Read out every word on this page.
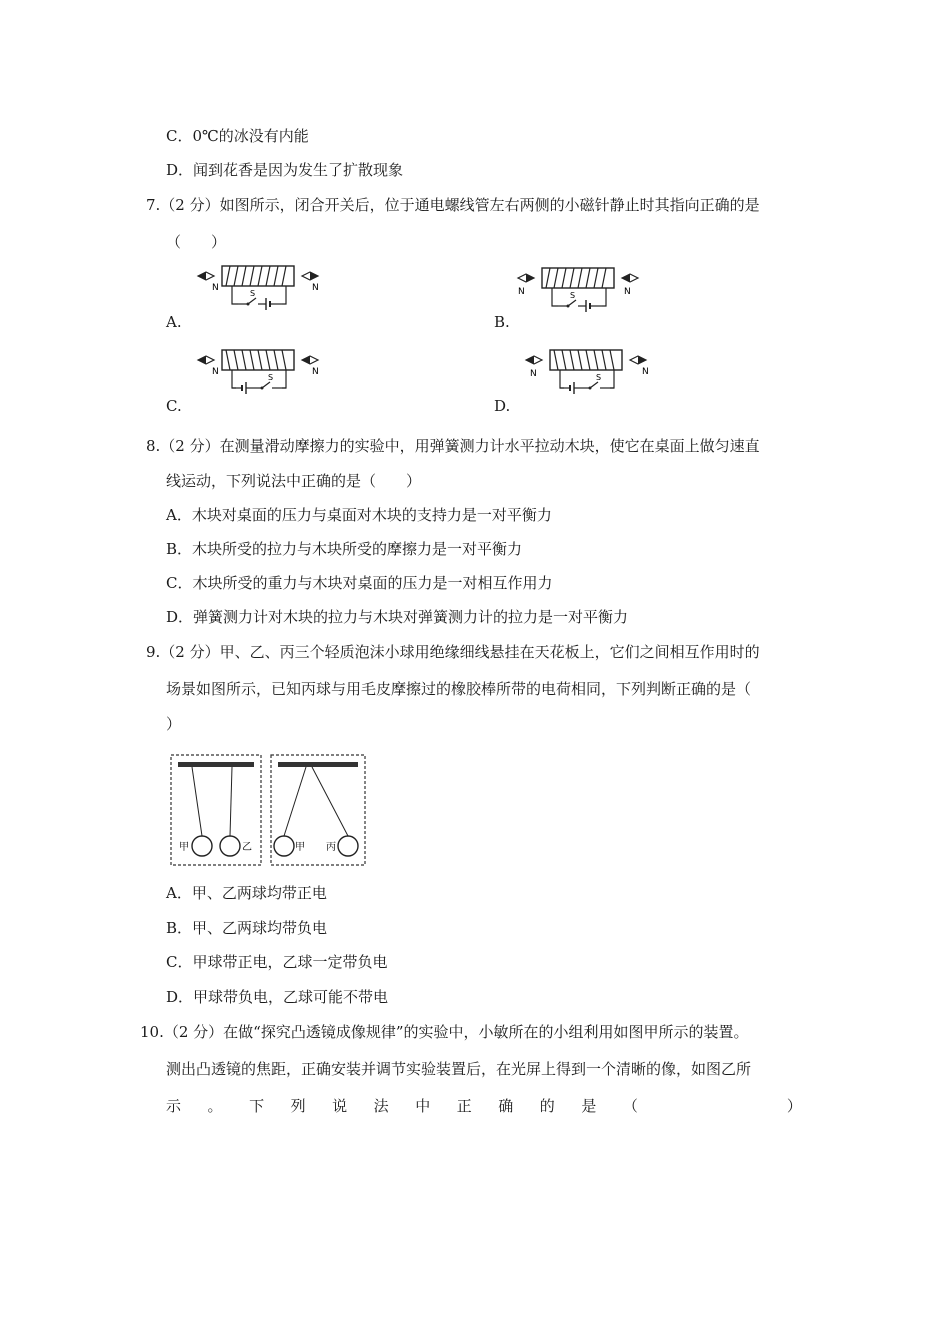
C．0℃的冰没有内能
D．闻到花香是因为发生了扩散现象
7.（2 分）如图所示，闭合开关后，位于通电螺线管左右两侧的小磁针静止时其指向正确的是
（　　）
A.
N	N
S
B.
N	N
S
C.
N	N
S
D.
N	N
S
8.（2 分）在测量滑动摩擦力的实验中，用弹簧测力计水平拉动木块，使它在桌面上做匀速直
线运动，下列说法中正确的是（　　）
A．木块对桌面的压力与桌面对木块的支持力是一对平衡力
B．木块所受的拉力与木块所受的摩擦力是一对平衡力
C．木块所受的重力与木块对桌面的压力是一对相互作用力
D．弹簧测力计对木块的拉力与木块对弹簧测力计的拉力是一对平衡力
9.（2 分）甲、乙、丙三个轻质泡沫小球用绝缘细线悬挂在天花板上，它们之间相互作用时的
场景如图所示，已知丙球与用毛皮摩擦过的橡胶棒所带的电荷相同，下列判断正确的是（
）
甲	乙	甲 丙
A．甲、乙两球均带正电
B．甲、乙两球均带负电
C．甲球带正电，乙球一定带负电
D．甲球带负电，乙球可能不带电
10.（2 分）在做“探究凸透镜成像规律”的实验中，小敏所在的小组利用如图甲所示的装置。
测出凸透镜的焦距，正确安装并调节实验装置后，在光屏上得到一个清晰的像，如图乙所
示 。 下 列 说 法 中 正 确 的 是 （	）
